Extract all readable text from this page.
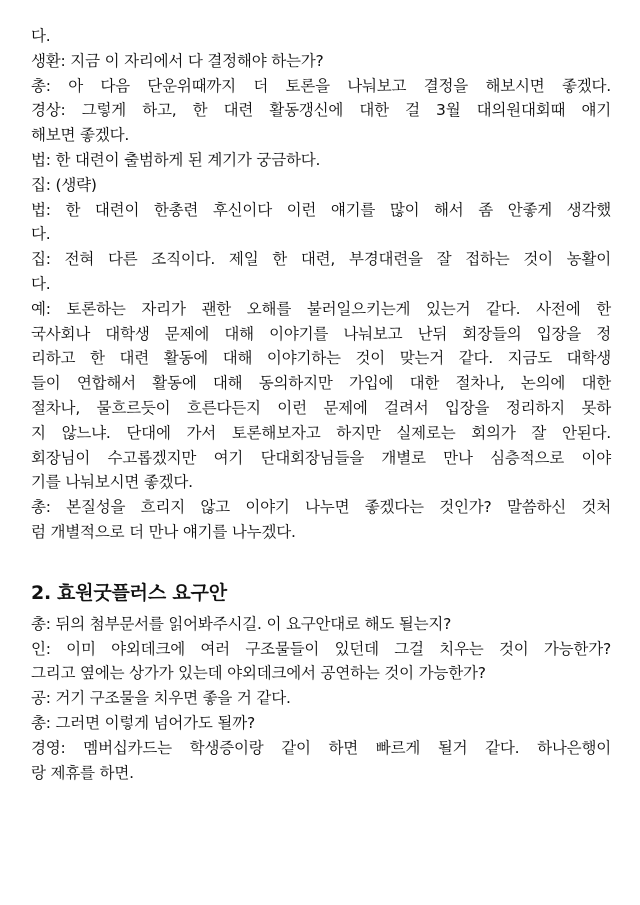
다.
생환: 지금 이 자리에서 다 결정해야 하는가?
총: 아 다음 단운위때까지 더 토론을 나눠보고 결정을 해보시면 좋겠다.
경상: 그렇게 하고, 한 대련 활동갱신에 대한 걸 3월 대의원대회때 얘기
해보면 좋겠다.
법: 한 대련이 출범하게 된 계기가 궁금하다.
집: (생략)
법: 한 대련이 한총련 후신이다 이런 얘기를 많이 해서 좀 안좋게 생각했
다.
집: 전혀 다른 조직이다. 제일 한 대련, 부경대련을 잘 접하는 것이 농활이
다.
예: 토론하는 자리가 괜한 오해를 불러일으키는게 있는거 같다. 사전에 한
국사회나 대학생 문제에 대해 이야기를 나눠보고 난뒤 회장들의 입장을 정
리하고 한 대련 활동에 대해 이야기하는 것이 맞는거 같다. 지금도 대학생
들이 연합해서 활동에 대해 동의하지만 가입에 대한 절차나, 논의에 대한
절차나, 물흐르듯이 흐른다든지 이런 문제에 걸려서 입장을 정리하지 못하
지 않느냐. 단대에 가서 토론해보자고 하지만 실제로는 회의가 잘 안된다.
회장님이 수고롭겠지만 여기 단대회장님들을 개별로 만나 심층적으로 이야
기를 나눠보시면 좋겠다.
총: 본질성을 흐리지 않고 이야기 나누면 좋겠다는 것인가? 말씀하신 것처
럼 개별적으로 더 만나 얘기를 나누겠다.
2. 효원굿플러스 요구안
총: 뒤의 첨부문서를 읽어봐주시길. 이 요구안대로 해도 될는지?
인: 이미 야외데크에 여러 구조물들이 있던데 그걸 치우는 것이 가능한가?
그리고 옆에는 상가가 있는데 야외데크에서 공연하는 것이 가능한가?
공: 거기 구조물을 치우면 좋을 거 같다.
총: 그러면 이렇게 넘어가도 될까?
경영: 멤버십카드는 학생증이랑 같이 하면 빠르게 될거 같다. 하나은행이
랑 제휴를 하면.
